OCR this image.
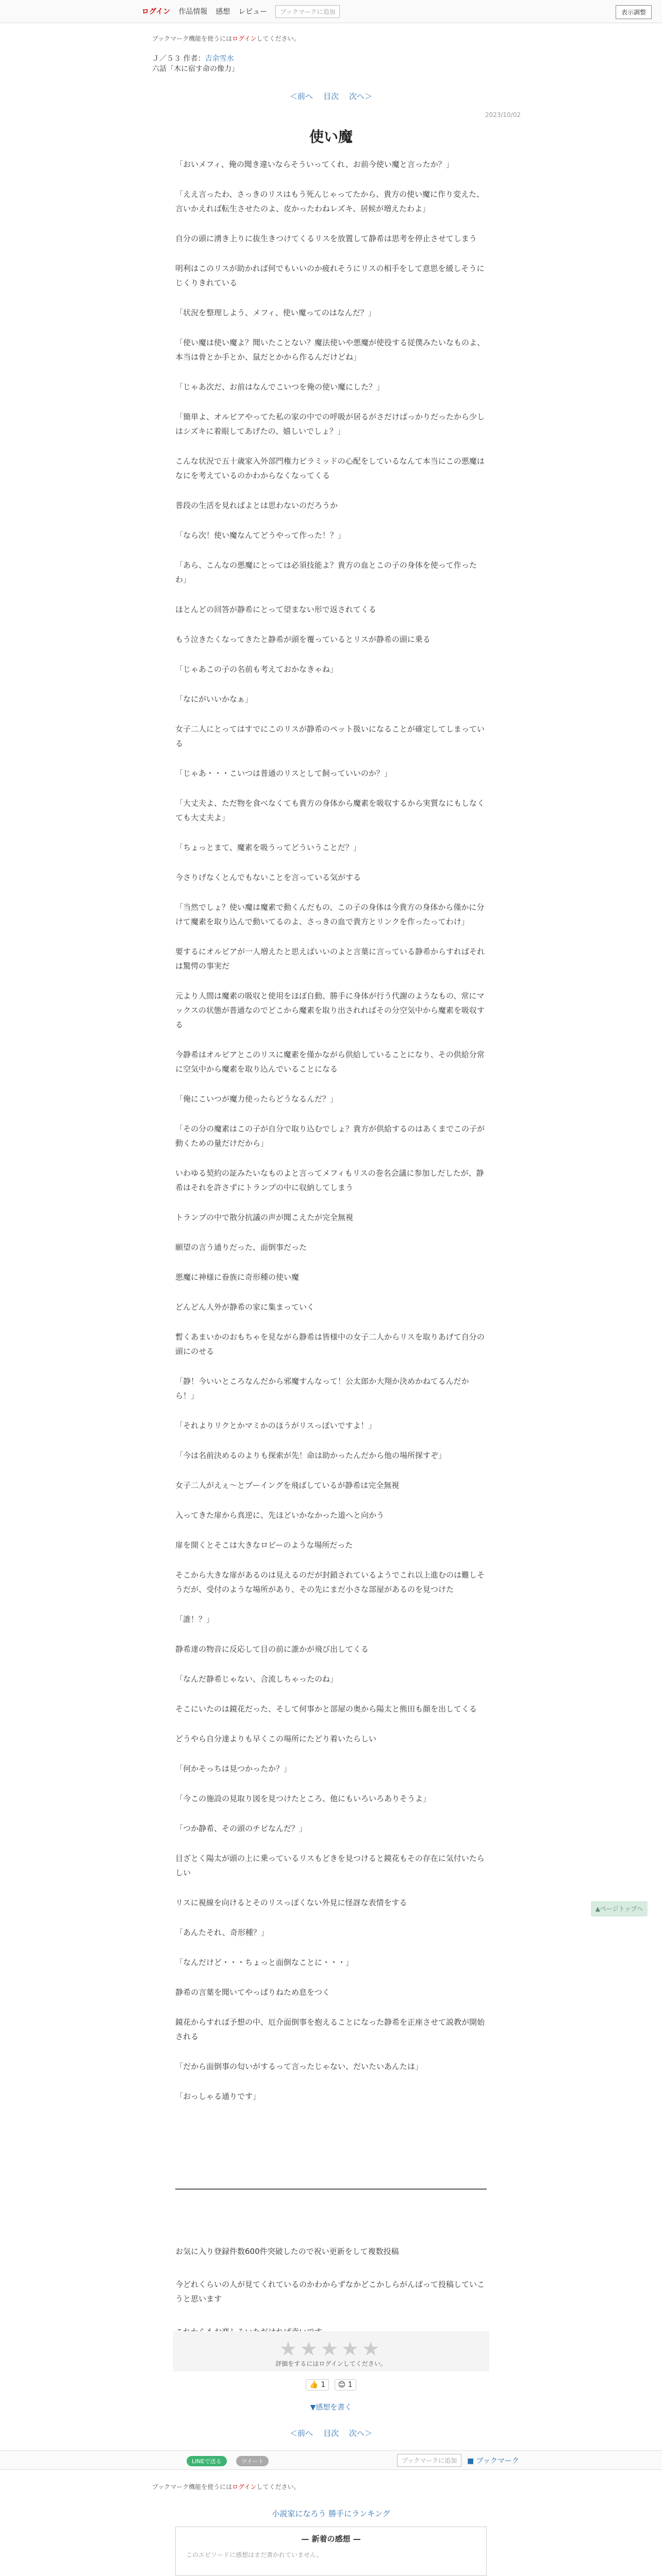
ログイン 作品情報 感想 レビュー	ブックマークに追加	表示調整
ブックマーク機能を使うにはログインしてください。
Ｊ／５３ 作者：吉余雪水
六話「木に宿す命の像力」
＜前へ 目次 次へ＞
2023/10/02
使い魔

「おいメフィ、俺の聞き違いならそういってくれ、お前今使い魔と言ったか？」

「ええ言ったわ、さっきのリスはもう死んじゃってたから、貴方の使い魔に作り変えた、言いかえれば転生させたのよ、皮かったわねレズキ、居候が増えたわよ」

自分の頭に湧き上りに抜生きつけてくるリスを放置して静希は思考を停止させてしまう

明利はこのリスが助かれば何でもいいのか疲れそうにリスの相手をして意思を緩しそうにじくりきれている

「状況を整理しよう、メフィ、使い魔ってのはなんだ？」

「使い魔は使い魔よ？聞いたことない？魔法使いや悪魔が使役する従僕みたいなものよ、本当は骨とか手とか、鼠だとかから作るんだけどね」

「じゃあ次だ、お前はなんでこいつを俺の使い魔にした？」

「簡単よ、オルビアやってた私の家の中での呼吸が居るがさだけばっかりだったから少しはシズキに着眼してあげたの、嬉しいでしょ？」

こんな状況で五十歳家入外部門権力ピラミッドの心配をしているなんて本当にこの悪魔はなにを考えているのかわからなくなってくる

普段の生活を見ればよとは思わないのだろうか

「なら次！使い魔なんてどうやって作った！？」

「あら、こんなの悪魔にとっては必須技能よ？貴方の血とこの子の身体を使って作ったわ」

ほとんどの回答が静希にとって望まない形で返されてくる

もう泣きたくなってきたと静希が頭を覆っているとリスが静希の頭に乗る

「じゃあこの子の名前も考えておかなきゃね」

「なにがいいかなぁ」

女子二人にとってはすでにこのリスが静希のペット扱いになることが確定してしまっている

「じゃあ・・・こいつは普通のリスとして飼っていいのか？」

「大丈夫よ、ただ物を食べなくても貴方の身体から魔素を吸収するから実質なにもしなくても大丈夫よ」

「ちょっとまて、魔素を吸うってどういうことだ？」

今さりげなくとんでもないことを言っている気がする

「当然でしょ？使い魔は魔素で動くんだもの、この子の身体は今貴方の身体から僅かに分けて魔素を取り込んで動いてるのよ、さっきの血で貴方とリンクを作ったってわけ」

要するにオルビアが一人増えたと思えばいいのよと言葉に言っている静希からすればそれは驚愕の事実だ

元より人間は魔素の吸収と使用をほぼ自動、勝手に身体が行う代謝のようなもの、常にマックスの状態が普通なのでどこから魔素を取り出されればその分空気中から魔素を吸収する

今静希はオルビアとこのリスに魔素を僅かながら供給していることになり、その供給分常に空気中から魔素を取り込んでいることになる

「俺にこいつが魔力使ったらどうなるんだ？」

「その分の魔素はこの子が自分で取り込むでしょ？貴方が供給するのはあくまでこの子が動くための量だけだから」

いわゆる契約の証みたいなものよと言ってメフィもリスの巻名会議に参加しだしたが、静希はそれを許さずにトランプの中に収納してしまう

トランプの中で散分抗議の声が聞こえたが完全無視

願望の言う通りだった、面倒事だった

悪魔に神様に眷族に奇形種の使い魔

どんどん人外が静希の家に集まっていく

暫くあまいかのおもちゃを見ながら静希は皆様中の女子二人からリスを取りあげて自分の頭にのせる

「静！今いいところなんだから邪魔すんなって！公太郎か大翔か決めかねてるんだから！」

「それよりリクとかマミかのほうがリスっぽいですよ！」

「今は名前決めるのよりも探索が先！命は助かったんだから他の場所探すぞ」

女子二人がえぇ～とブーイングを飛ばしているが静希は完全無視

入ってきた扉から真逆に、先ほどいかなかった道へと向かう

扉を開くとそこは大きなロビーのような場所だった

そこから大きな扉があるのは見えるのだが封鎖されているようでこれ以上進むのは難しそうだが、受付のような場所があり、その先にまだ小さな部屋があるのを見つけた

「誰！？」

静希達の物音に反応して目の前に誰かが飛び出してくる

「なんだ静希じゃない、合流しちゃったのね」

そこにいたのは鏡花だった、そして何事かと部屋の奥から陽太と熊田も顔を出してくる

どうやら自分達よりも早くこの場所にたどり着いたらしい

「何かそっちは見つかったか？」

「今この施設の見取り図を見つけたところ、他にもいろいろありそうよ」

「つか静希、その頭のチビなんだ？」

目ざとく陽太が頭の上に乗っているリスもどきを見つけると鏡花もその存在に気付いたらしい

リスに視線を向けるとそのリスっぽくない外見に怪訝な表情をする

「あんたそれ、奇形種？」

「なんだけど・・・ちょっと面倒なことに・・・」

静希の言葉を聞いてやっぱりねため息をつく

鏡花からすれば予想の中、厄介面倒事を抱えることになった静希を正座させて説教が開始される

「だから面倒事の匂いがするって言ったじゃない、だいたいあんたは」

「おっしゃる通りです」

お気に入り登録件数600件突破したので祝い更新をして複数投稿

今どれくらいの人が見てくれているのかわからずなかどこかしらがんばって投稿していこうと思います

★★★★★
評価をするにはログインしてください。
👍 1 😊 1
▼感想を書く
＜前へ 目次 次へ＞
LINEで送る	ツイート	ブックマークに追加	■ ブックマーク
ブックマーク機能を使うにはログインしてください。
小説家になろう 勝手にランキング
— 新着の感想 —
このエピソードに感想はまだ書かれていません。
▲ページトップへ
